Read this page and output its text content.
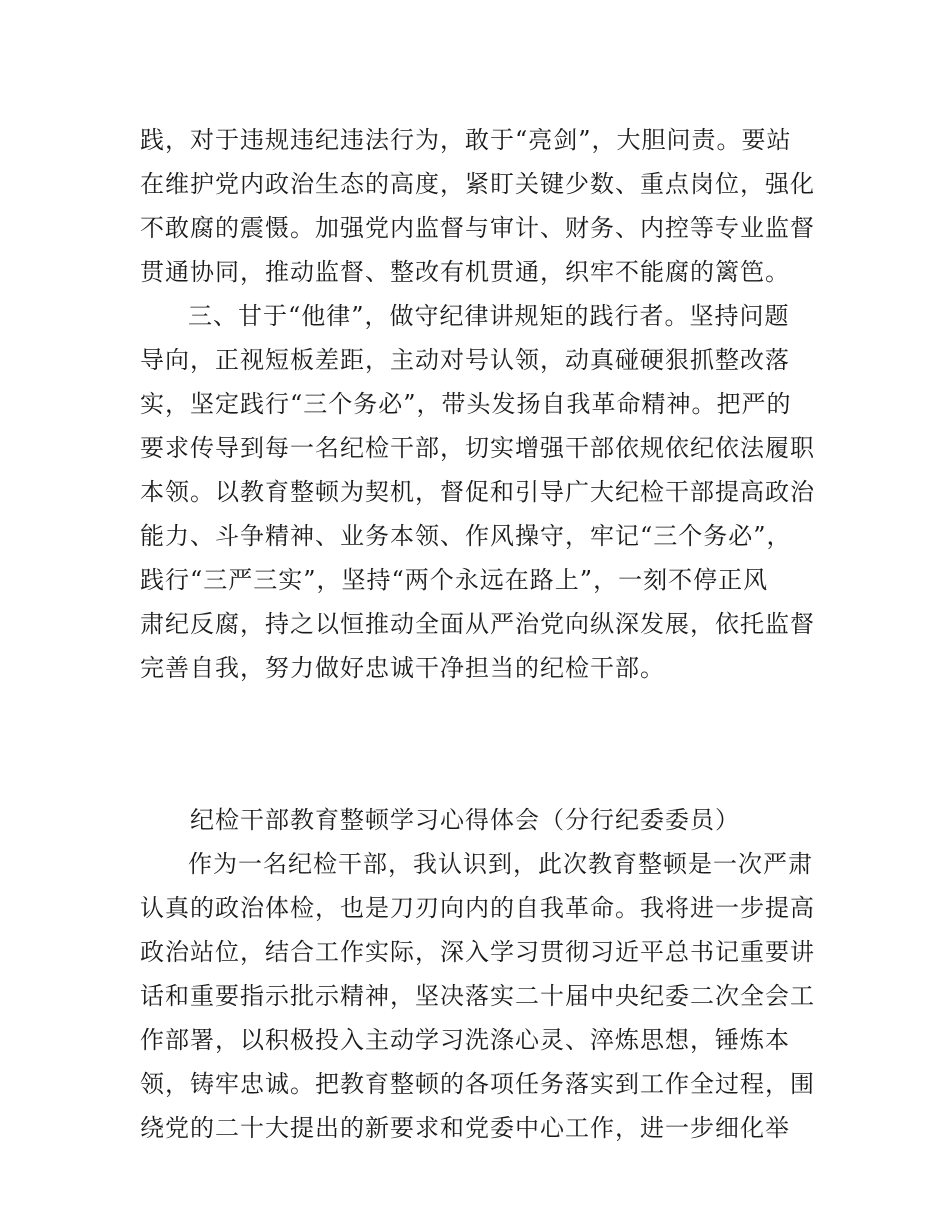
践，对于违规违纪违法行为，敢于“亮剑”，大胆问责。要站
在维护党内政治生态的高度，紧盯关键少数、重点岗位，强化
不敢腐的震慑。加强党内监督与审计、财务、内控等专业监督
贯通协同，推动监督、整改有机贯通，织牢不能腐的篱笆。
三、甘于“他律”，做守纪律讲规矩的践行者。坚持问题
导向，正视短板差距，主动对号认领，动真碰硬狠抓整改落
实，坚定践行“三个务必”，带头发扬自我革命精神。把严的
要求传导到每一名纪检干部，切实增强干部依规依纪依法履职
本领。以教育整顿为契机，督促和引导广大纪检干部提高政治
能力、斗争精神、业务本领、作风操守，牢记“三个务必”，
践行“三严三实”，坚持“两个永远在路上”，一刻不停正风
肃纪反腐，持之以恒推动全面从严治党向纵深发展，依托监督
完善自我，努力做好忠诚干净担当的纪检干部。
纪检干部教育整顿学习心得体会（分行纪委委员）
作为一名纪检干部，我认识到，此次教育整顿是一次严肃
认真的政治体检，也是刀刃向内的自我革命。我将进一步提高
政治站位，结合工作实际，深入学习贯彻习近平总书记重要讲
话和重要指示批示精神，坚决落实二十届中央纪委二次全会工
作部署，以积极投入主动学习洗涤心灵、淬炼思想，锤炼本
领，铸牢忠诚。把教育整顿的各项任务落实到工作全过程，围
绕党的二十大提出的新要求和党委中心工作，进一步细化举
